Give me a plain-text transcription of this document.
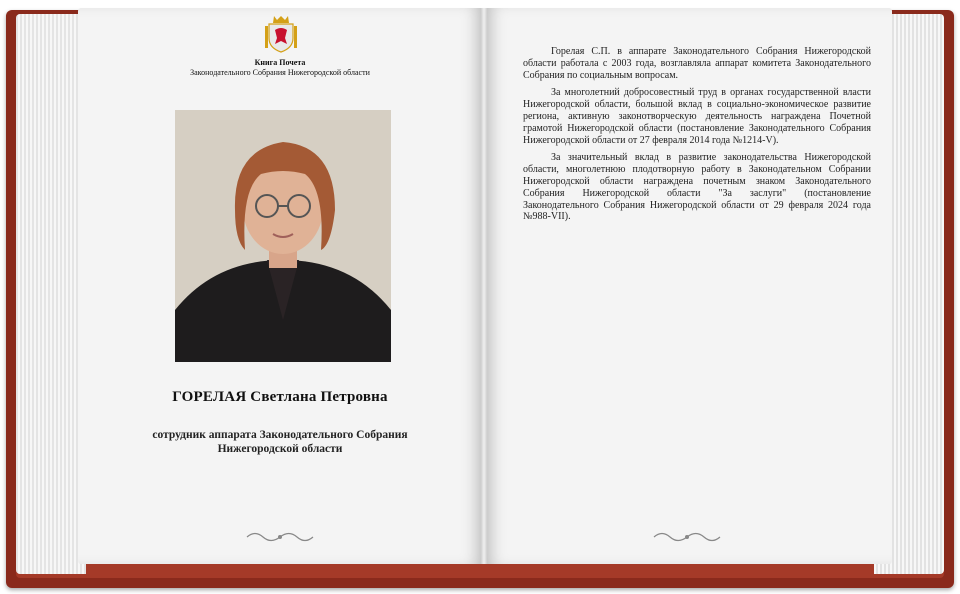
Книга Почета
Законодательного Собрания Нижегородской области
ГОРЕЛАЯ Светлана Петровна
сотрудник аппарата Законодательного Собрания
Нижегородской области

Горелая С.П. в аппарате Законодательного Собрания Нижегородской области работала с 2003 года, возглавляла аппарат комитета Законодательного Собрания по социальным вопросам.

За многолетний добросовестный труд в органах государственной власти Нижегородской области, большой вклад в социально-экономическое развитие региона, активную законотворческую деятельность награждена Почетной грамотой Нижегородской области (постановление Законодательного Собрания Нижегородской области от 27 февраля 2014 года №1214-V).

За значительный вклад в развитие законодательства Нижегородской области, многолетнюю плодотворную работу в Законодательном Собрании Нижегородской области награждена почетным знаком Законодательного Собрания Нижегородской области "За заслуги" (постановление Законодательного Собрания Нижегородской области от 29 февраля 2024 года №988-VII).
